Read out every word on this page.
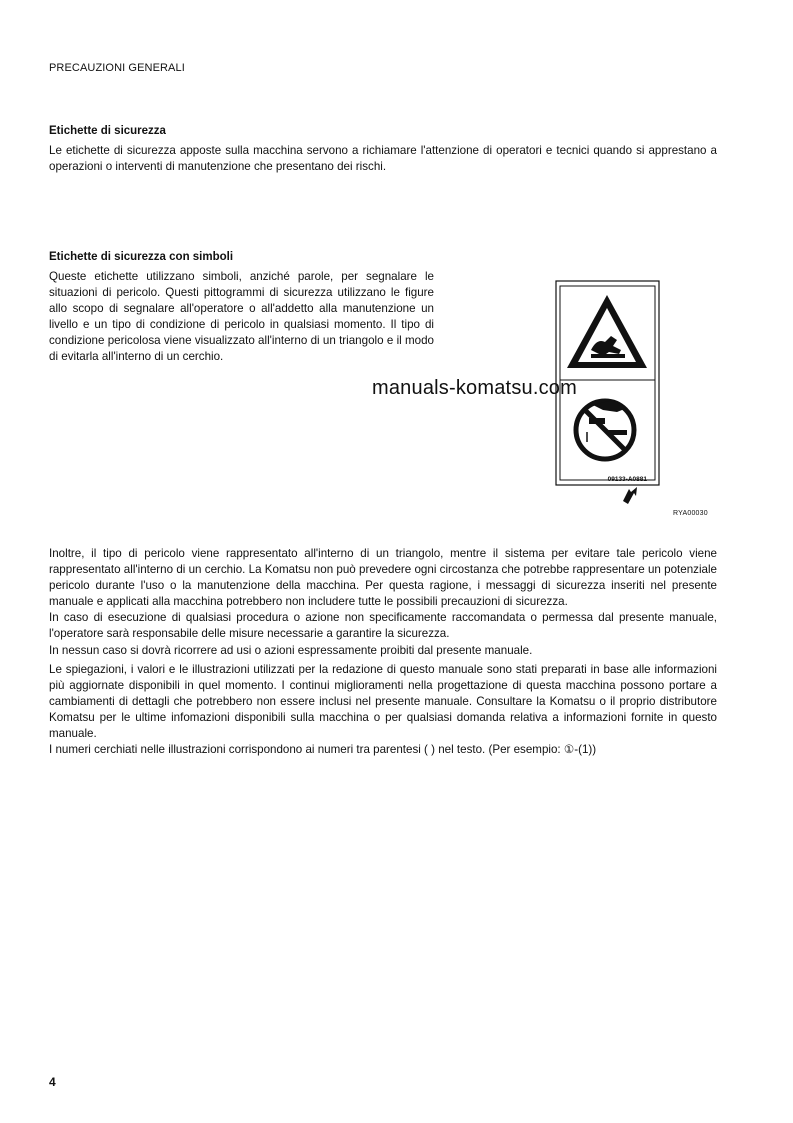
PRECAUZIONI GENERALI
Etichette di sicurezza
Le etichette di sicurezza apposte sulla macchina servono a richiamare l'attenzione di operatori e tecnici quando si apprestano a operazioni o interventi di manutenzione che presentano dei rischi.
Etichette di sicurezza con simboli
Queste etichette utilizzano simboli, anziché parole, per segnalare le situazioni di pericolo. Questi pittogrammi di sicurezza utilizzano le figure allo scopo di segnalare all'operatore o all'addetto alla manutenzione un livello e un tipo di condizione di pericolo in qualsiasi momento. Il tipo di condizione pericolosa viene visualizzato all'interno di un triangolo e il modo di evitarla all'interno di un cerchio.
09133-A0881
RYA00030
manuals-komatsu.com

Inoltre, il tipo di pericolo viene rappresentato all'interno di un triangolo, mentre il sistema per evitare tale pericolo viene rappresentato all'interno di un cerchio. La Komatsu non può prevedere ogni circostanza che potrebbe rappresentare un potenziale pericolo durante l'uso o la manutenzione della macchina. Per questa ragione, i messaggi di sicurezza inseriti nel presente manuale e applicati alla macchina potrebbero non includere tutte le possibili precauzioni di sicurezza.

In caso di esecuzione di qualsiasi procedura o azione non specificamente raccomandata o permessa dal presente manuale, l'operatore sarà responsabile delle misure necessarie a garantire la sicurezza.

In nessun caso si dovrà ricorrere ad usi o azioni espressamente proibiti dal presente manuale.

Le spiegazioni, i valori e le illustrazioni utilizzati per la redazione di questo manuale sono stati preparati in base alle informazioni più aggiornate disponibili in quel momento. I continui miglioramenti nella progettazione di questa macchina possono portare a cambiamenti di dettagli che potrebbero non essere inclusi nel presente manuale. Consultare la Komatsu o il proprio distributore Komatsu per le ultime infomazioni disponibili sulla macchina o per qualsiasi domanda relativa a informazioni fornite in questo manuale.

I numeri cerchiati nelle illustrazioni corrispondono ai numeri tra parentesi ( ) nel testo. (Per esempio: ①-(1))

4
